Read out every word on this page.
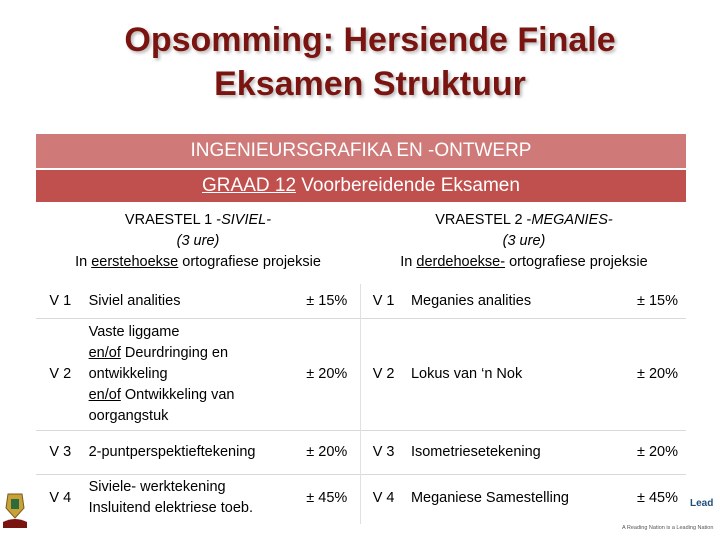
Opsomming: Hersiende Finale
Eksamen Struktuur
INGENIEURSGRAFIKA EN -ONTWERP
GRAAD 12 Voorbereidende Eksamen
VRAESTEL 1 -SIVIEL-
(3 ure)
In eerstehoekse ortografiese projeksie
VRAESTEL 2 -MEGANIES-
(3 ure)
In derdehoekse- ortografiese projeksie
V 1	Siviel analities	± 15%	V 1	Meganies analities	± 15%
V 2	Vaste liggame
en/of Deurdringing en
ontwikkeling
en/of Ontwikkeling van
oorgangstuk	± 20%	V 2	Lokus van ‘n Nok	± 20%
V 3	2-puntperspektieftekening	± 20%	V 3	Isometriesetekening	± 20%
V 4	Siviele- werktekening
Insluitend elektriese toeb.	± 45%	V 4	Meganiese Samestelling	± 45% Lead
A Reading Nation is a Leading Nation
